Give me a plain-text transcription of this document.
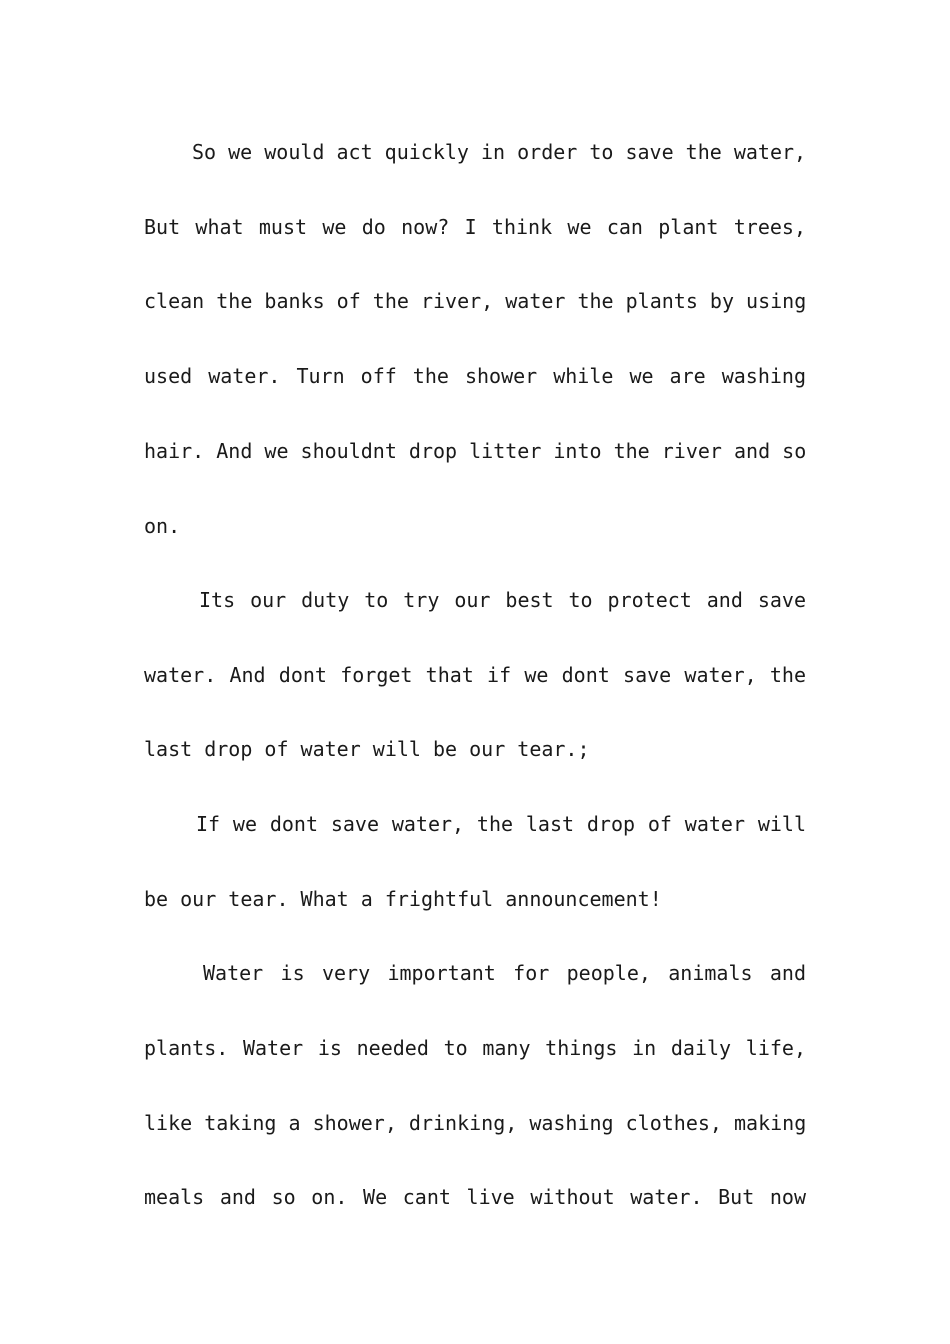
So we would act quickly in order to save the water,
But what must we do now? I think we can plant trees,
clean the banks of the river, water the plants by using
used water. Turn off the shower while we are washing
hair. And we shouldnt drop litter into the river and so
on.
Its our duty to try our best to protect and save
water. And dont forget that if we dont save water, the
last drop of water will be our tear.;
If we dont save water, the last drop of water will
be our tear. What a frightful announcement!
Water is very important for people, animals and
plants. Water is needed to many things in daily life,
like taking a shower, drinking, washing clothes, making
meals and so on. We cant live without water. But now
